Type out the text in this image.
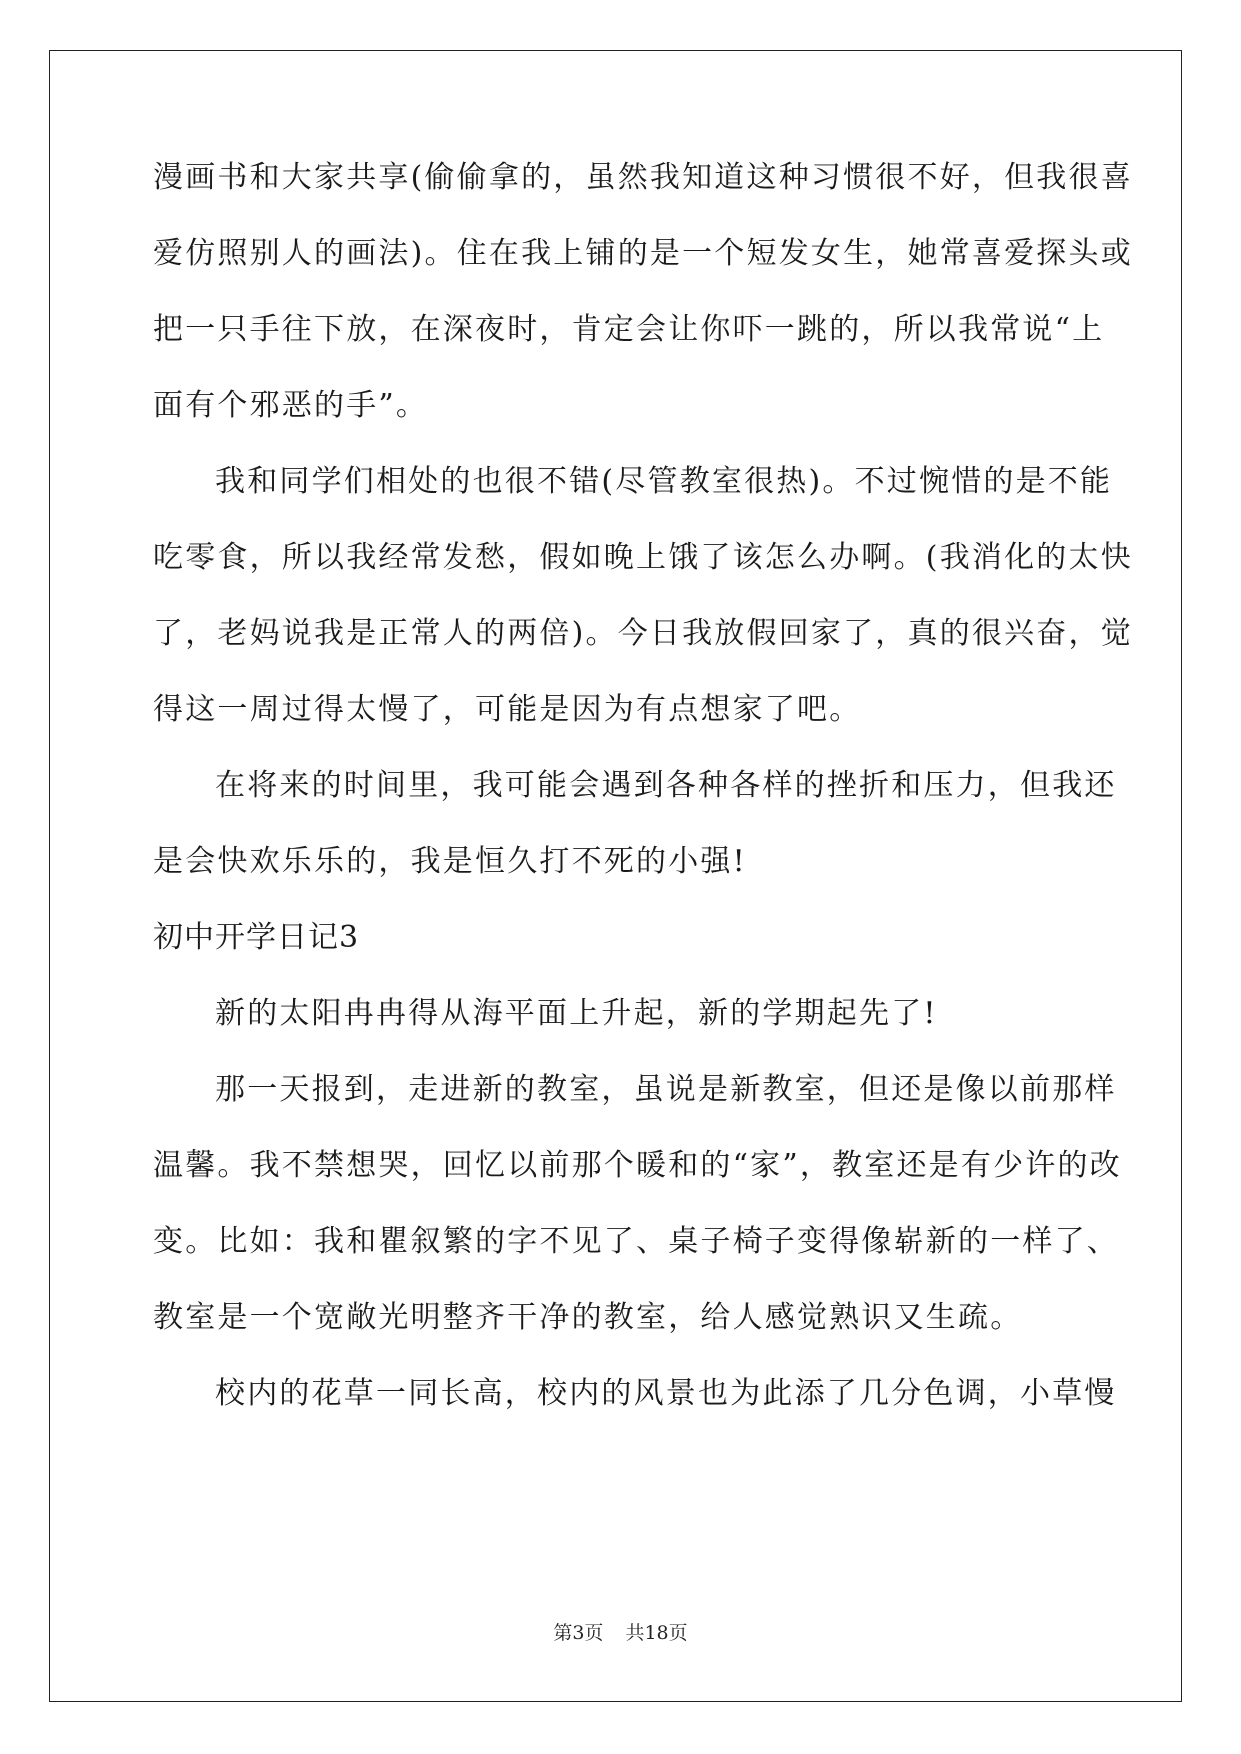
漫画书和大家共享(偷偷拿的，虽然我知道这种习惯很不好，但我很喜
爱仿照别人的画法)。住在我上铺的是一个短发女生，她常喜爱探头或
把一只手往下放，在深夜时，肯定会让你吓一跳的，所以我常说“上
面有个邪恶的手”。
我和同学们相处的也很不错(尽管教室很热)。不过惋惜的是不能
吃零食，所以我经常发愁，假如晚上饿了该怎么办啊。(我消化的太快
了，老妈说我是正常人的两倍)。今日我放假回家了，真的很兴奋，觉
得这一周过得太慢了，可能是因为有点想家了吧。
在将来的时间里，我可能会遇到各种各样的挫折和压力，但我还
是会快欢乐乐的，我是恒久打不死的小强!
初中开学日记3
新的太阳冉冉得从海平面上升起，新的学期起先了!
那一天报到，走进新的教室，虽说是新教室，但还是像以前那样
温馨。我不禁想哭，回忆以前那个暖和的“家”，教室还是有少许的改
变。比如：我和瞿叙繁的字不见了、桌子椅子变得像崭新的一样了、
教室是一个宽敞光明整齐干净的教室，给人感觉熟识又生疏。
校内的花草一同长高，校内的风景也为此添了几分色调，小草慢
第3页 共18页
